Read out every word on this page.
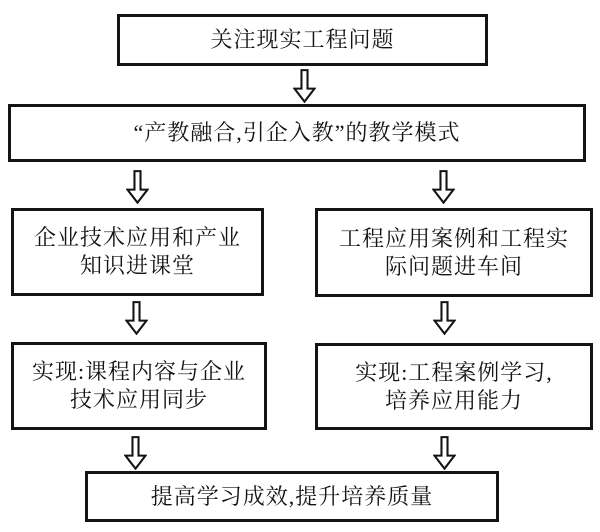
关注现实工程问题
“产教融合,引企入教”的教学模式
企业技术应用和产业
知识进课堂
工程应用案例和工程实
际问题进车间
实现:课程内容与企业
技术应用同步
实现:工程案例学习,
培养应用能力
提高学习成效,提升培养质量
